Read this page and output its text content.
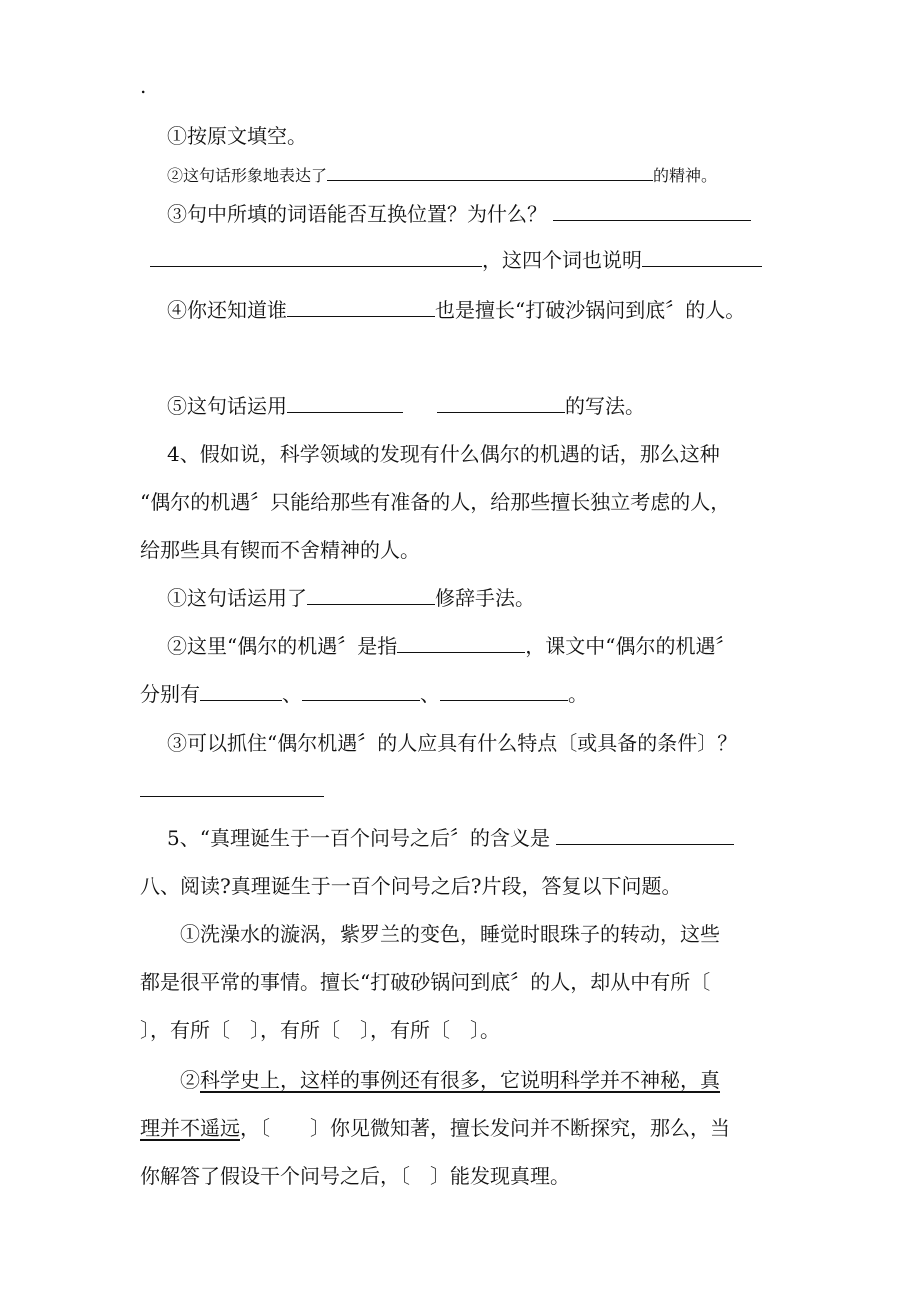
.
①按原文填空。
②这句话形象地表达了	的精神。
③句中所填的词语能否互换位置？为什么？
，这四个词也说明
④你还知道谁	也是擅长“打破沙锅问到底〞的人。
⑤这句话运用	的写法。
4、假如说，科学领域的发现有什么偶尔的机遇的话，那么这种
“偶尔的机遇〞只能给那些有准备的人，给那些擅长独立考虑的人，
给那些具有锲而不舍精神的人。
①这句话运用了	修辞手法。
②这里“偶尔的机遇〞是指	，课文中“偶尔的机遇〞
分别有	、	、	。
③可以抓住“偶尔机遇〞的人应具有什么特点〔或具备的条件〕？
5、“真理诞生于一百个问号之后〞的含义是
八、阅读?真理诞生于一百个问号之后?片段，答复以下问题。
①洗澡水的漩涡，紫罗兰的变色，睡觉时眼珠子的转动，这些
都是很平常的事情。擅长“打破砂锅问到底〞的人，却从中有所〔
〕，有所〔　〕，有所〔　〕，有所〔　〕。
②科学史上，这样的事例还有很多，它说明科学并不神秘，真
理并不遥远，〔　　〕你见微知著，擅长发问并不断探究，那么，当
你解答了假设干个问号之后，〔　〕能发现真理。
